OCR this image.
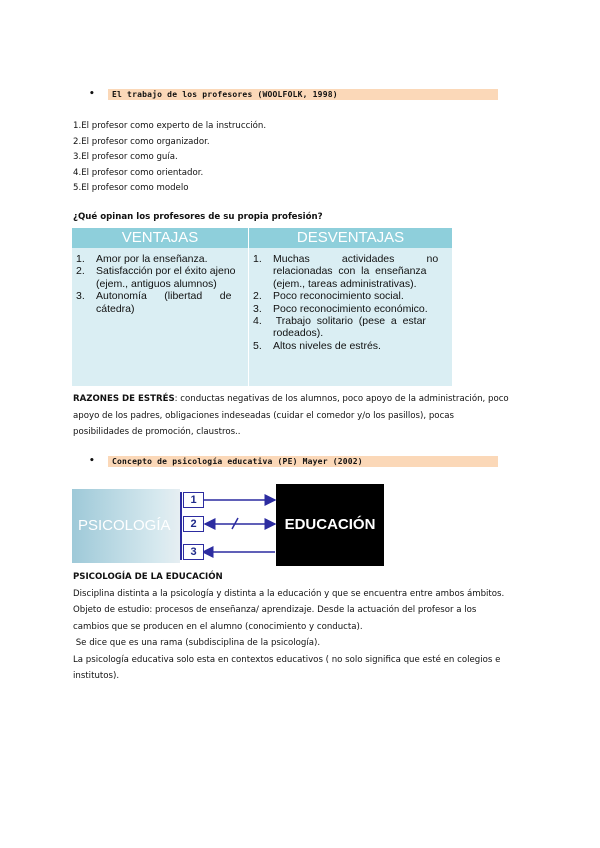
• El trabajo de los profesores (WOOLFOLK, 1998)

1.El profesor como experto de la instrucción.

2.El profesor como organizador.

3.El profesor como guía.

4.El profesor como orientador.

5.El profesor como modelo

¿Qué opinan los profesores de su propia profesión?
VENTAJAS	DESVENTAJAS
1.	Amor por la enseñanza.
2.	Satisfacción por el éxito ajeno
(ejem., antiguos alumnos)
3.	Autonomía      (libertad      de
cátedra)
1.	Muchas           actividades           no
relacionadas  con  la  enseñanza
(ejem., tareas administrativas).
2.	Poco reconocimiento social.
3.	Poco reconocimiento económico.
4.	Trabajo  solitario  (pese  a  estar
rodeados).
5.	Altos niveles de estrés.

RAZONES DE ESTRÉS: conductas negativas de los alumnos, poco apoyo de la administración, poco

apoyo de los padres, obligaciones indeseadas (cuidar el comedor y/o los pasillos), pocas

posibilidades de promoción, claustros..

• Concepto de psicología educativa (PE) Mayer (2002)
PSICOLOGÍA	EDUCACIÓN
1
2
3

PSICOLOGÍA DE LA EDUCACIÓN

Disciplina distinta a la psicología y distinta a la educación y que se encuentra entre ambos ámbitos.

Objeto de estudio: procesos de enseñanza/ aprendizaje. Desde la actuación del profesor a los

cambios que se producen en el alumno (conocimiento y conducta).

Se dice que es una rama (subdisciplina de la psicología).

La psicología educativa solo esta en contextos educativos ( no solo significa que esté en colegios e

institutos).
